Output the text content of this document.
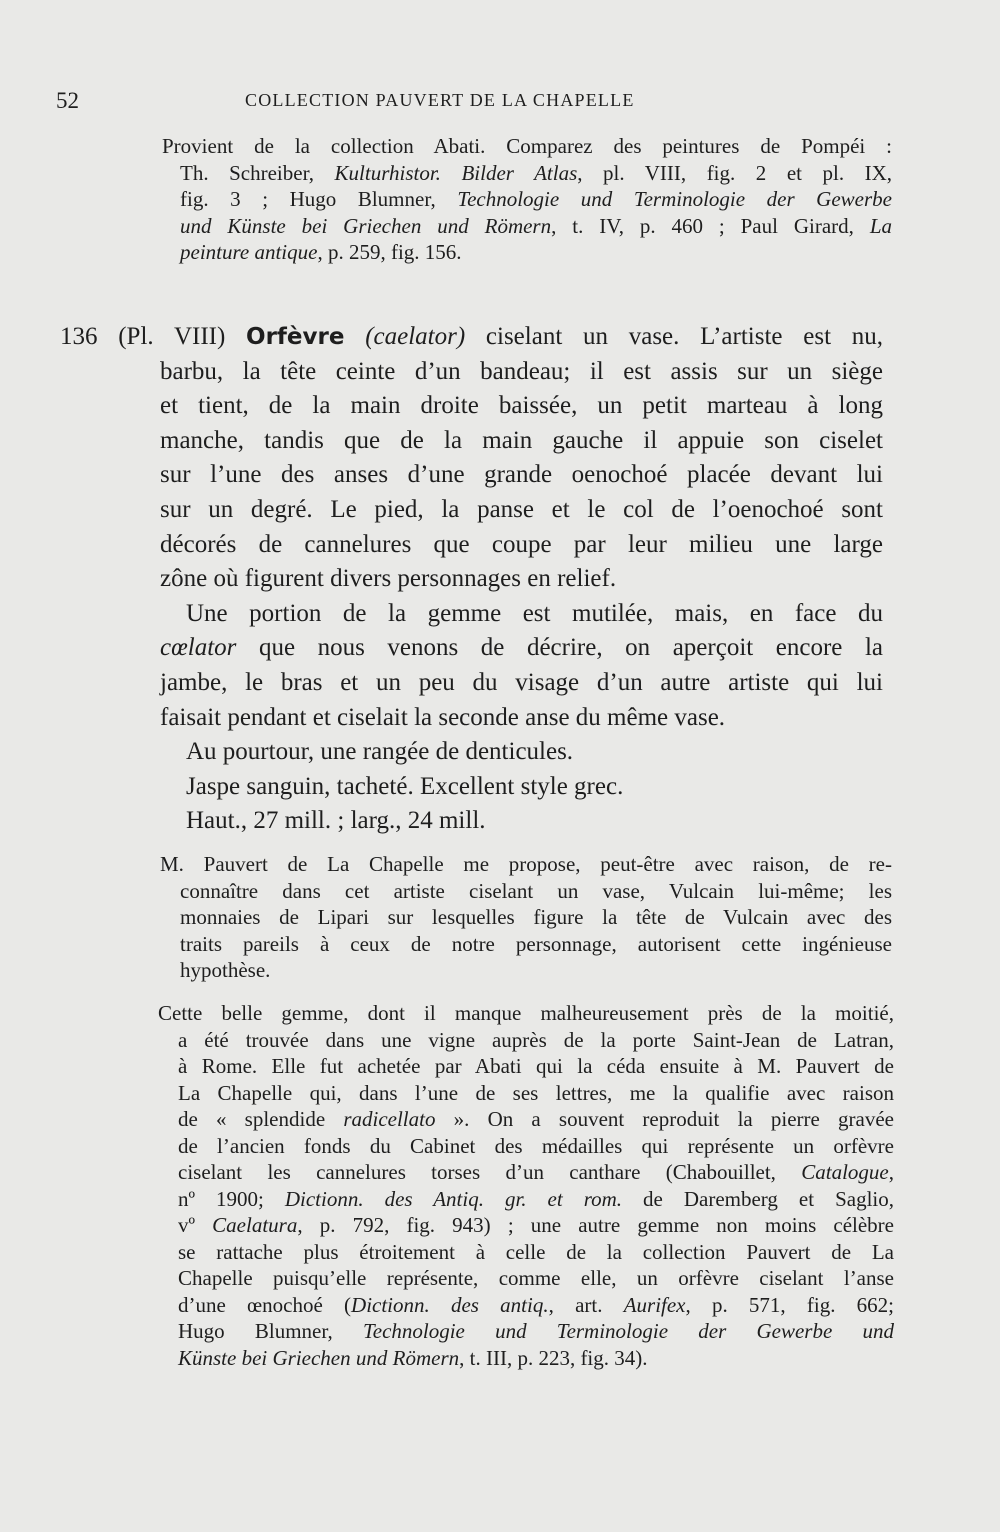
52	COLLECTION PAUVERT DE LA CHAPELLE
Provient de la collection Abati. Comparez des peintures de Pompéi :
Th. Schreiber, Kulturhistor. Bilder Atlas, pl. VIII, fig. 2 et pl. IX,
fig. 3 ; Hugo Blumner, Technologie und Terminologie der Gewerbe
und Künste bei Griechen und Römern, t. IV, p. 460 ; Paul Girard, La
peinture antique, p. 259, fig. 156.
136 (Pl. VIII) Orfèvre (caelator) ciselant un vase. L’artiste est nu,
barbu, la tête ceinte d’un bandeau; il est assis sur un siège
et tient, de la main droite baissée, un petit marteau à long
manche, tandis que de la main gauche il appuie son ciselet
sur l’une des anses d’une grande oenochoé placée devant lui
sur un degré. Le pied, la panse et le col de l’oenochoé sont
décorés de cannelures que coupe par leur milieu une large
zône où figurent divers personnages en relief.
Une portion de la gemme est mutilée, mais, en face du
cœlator que nous venons de décrire, on aperçoit encore la
jambe, le bras et un peu du visage d’un autre artiste qui lui
faisait pendant et ciselait la seconde anse du même vase.
Au pourtour, une rangée de denticules.
Jaspe sanguin, tacheté. Excellent style grec.
Haut., 27 mill. ; larg., 24 mill.
M. Pauvert de La Chapelle me propose, peut-être avec raison, de re-
connaître dans cet artiste ciselant un vase, Vulcain lui-même; les
monnaies de Lipari sur lesquelles figure la tête de Vulcain avec des
traits pareils à ceux de notre personnage, autorisent cette ingénieuse
hypothèse.
Cette belle gemme, dont il manque malheureusement près de la moitié,
a été trouvée dans une vigne auprès de la porte Saint-Jean de Latran,
à Rome. Elle fut achetée par Abati qui la céda ensuite à M. Pauvert de
La Chapelle qui, dans l’une de ses lettres, me la qualifie avec raison
de « splendide radicellato ». On a souvent reproduit la pierre gravée
de l’ancien fonds du Cabinet des médailles qui représente un orfèvre
ciselant les cannelures torses d’un canthare (Chabouillet, Catalogue,
nº 1900; Dictionn. des Antiq. gr. et rom. de Daremberg et Saglio,
vº Caelatura, p. 792, fig. 943) ; une autre gemme non moins célèbre
se rattache plus étroitement à celle de la collection Pauvert de La
Chapelle puisqu’elle représente, comme elle, un orfèvre ciselant l’anse
d’une œnochoé (Dictionn. des antiq., art. Aurifex, p. 571, fig. 662;
Hugo Blumner, Technologie und Terminologie der Gewerbe und
Künste bei Griechen und Römern, t. III, p. 223, fig. 34).
